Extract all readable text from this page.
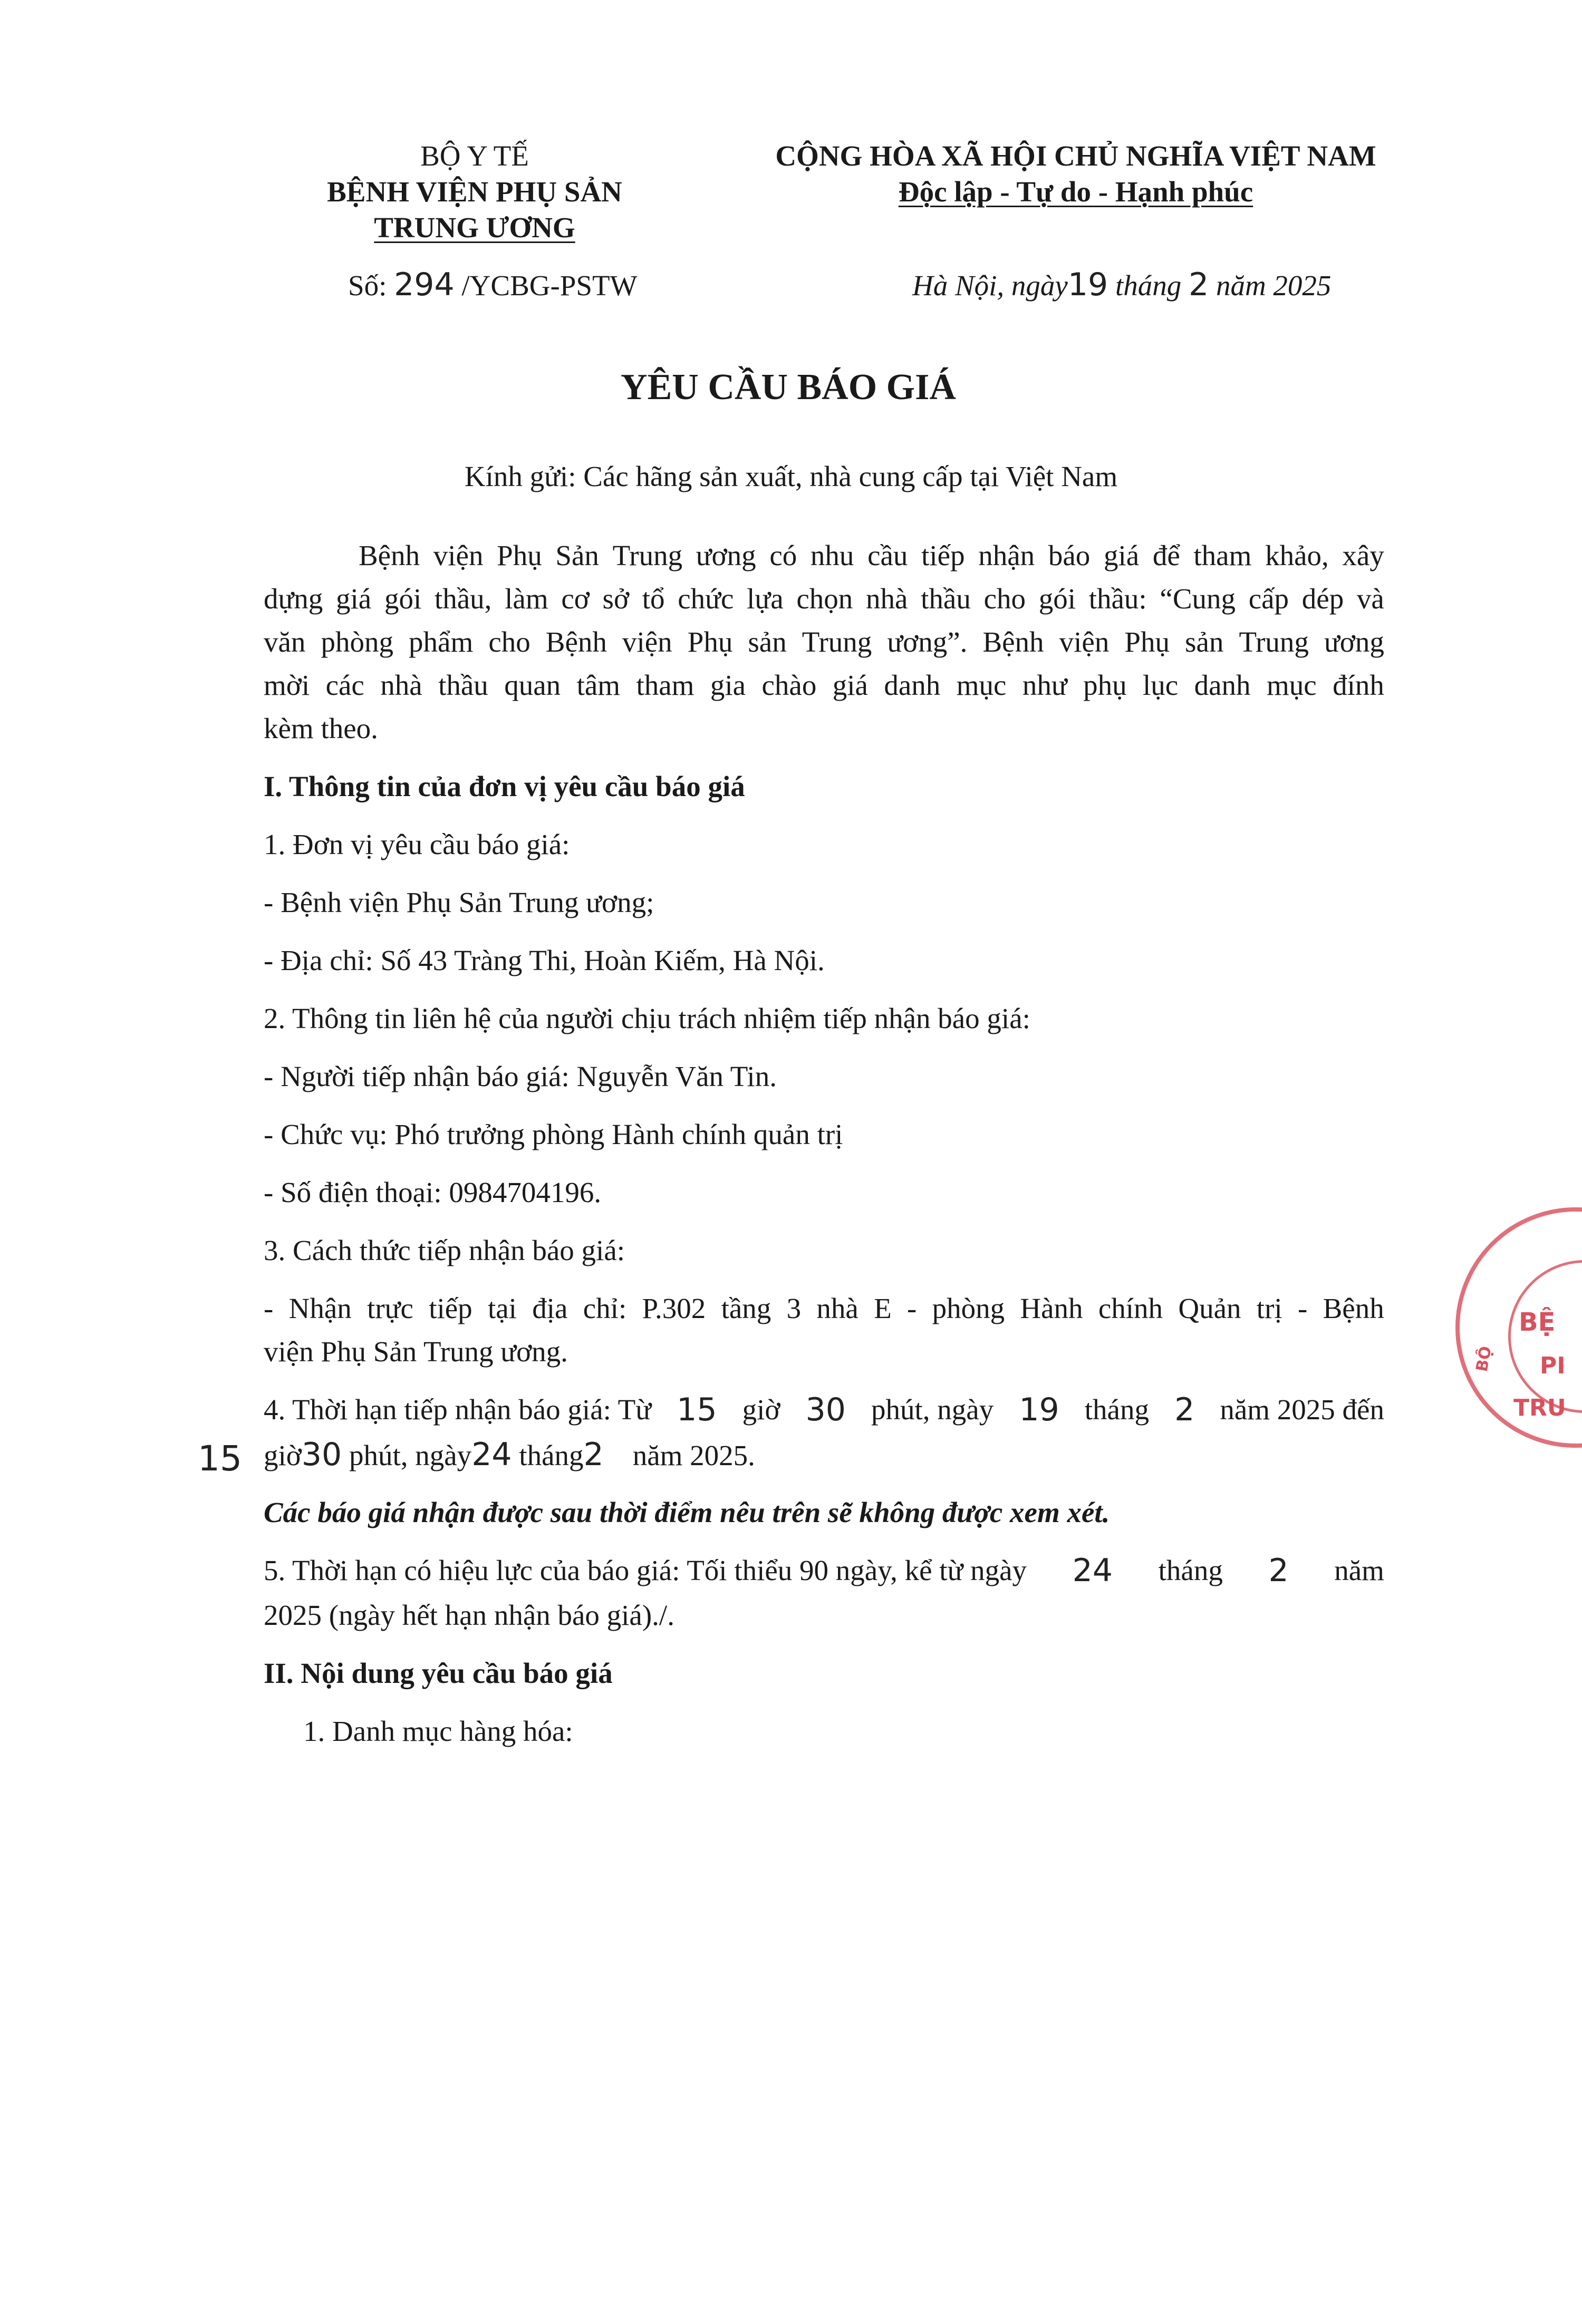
BỘ Y TẾ
BỆNH VIỆN PHỤ SẢN
TRUNG ƯƠNG
CỘNG HÒA XÃ HỘI CHỦ NGHĨA VIỆT NAM
Độc lập - Tự do - Hạnh phúc
Số: 294 /YCBG-PSTW	Hà Nội, ngày19 tháng 2 năm 2025
YÊU CẦU BÁO GIÁ
Kính gửi: Các hãng sản xuất, nhà cung cấp tại Việt Nam
Bệnh viện Phụ Sản Trung ương có nhu cầu tiếp nhận báo giá để tham khảo, xây
dựng giá gói thầu, làm cơ sở tổ chức lựa chọn nhà thầu cho gói thầu: “Cung cấp dép và
văn phòng phẩm cho Bệnh viện Phụ sản Trung ương”. Bệnh viện Phụ sản Trung ương
mời các nhà thầu quan tâm tham gia chào giá danh mục như phụ lục danh mục đính
kèm theo.
I. Thông tin của đơn vị yêu cầu báo giá
1. Đơn vị yêu cầu báo giá:
- Bệnh viện Phụ Sản Trung ương;
- Địa chỉ: Số 43 Tràng Thi, Hoàn Kiếm, Hà Nội.
2. Thông tin liên hệ của người chịu trách nhiệm tiếp nhận báo giá:
- Người tiếp nhận báo giá: Nguyễn Văn Tin.
- Chức vụ: Phó trưởng phòng Hành chính quản trị
- Số điện thoại: 0984704196.
3. Cách thức tiếp nhận báo giá:
- Nhận trực tiếp tại địa chỉ: P.302 tầng 3 nhà E - phòng Hành chính Quản trị - Bệnh
viện Phụ Sản Trung ương.
4. Thời hạn tiếp nhận báo giá: Từ 15 giờ 30 phút, ngày 19 tháng 2 năm 2025 đến
15 giờ30 phút, ngày24 tháng2 năm 2025.
Các báo giá nhận được sau thời điểm nêu trên sẽ không được xem xét.
5. Thời hạn có hiệu lực của báo giá: Tối thiểu 90 ngày, kể từ ngày 24 tháng 2 năm
2025 (ngày hết hạn nhận báo giá)./.
II. Nội dung yêu cầu báo giá
1. Danh mục hàng hóa:
BỆ
PI
TRU
BỘ
